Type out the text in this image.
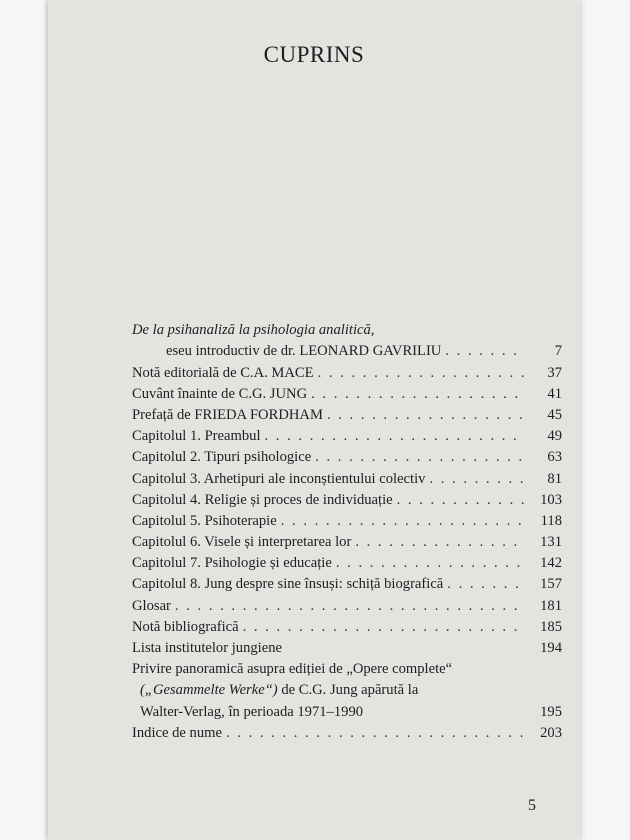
CUPRINS
De la psihanaliză la psihologia analitică,
eseu introductiv de dr. LEONARD GAVRILIU . . .	7
Notă editorială de C.A. MACE . . .	37
Cuvânt înainte de C.G. JUNG . . .	41
Prefață de FRIEDA FORDHAM . . .	45
Capitolul 1. Preambul . . .	49
Capitolul 2. Tipuri psihologice . . .	63
Capitolul 3. Arhetipuri ale inconștientului colectiv . . .	81
Capitolul 4. Religie și proces de individuație . . .	103
Capitolul 5. Psihoterapie . . .	118
Capitolul 6. Visele și interpretarea lor . . .	131
Capitolul 7. Psihologie și educație . . .	142
Capitolul 8. Jung despre sine însuși: schiță biografică . . .	157
Glosar . . .	181
Notă bibliografică . . .	185
Lista institutelor jungiene	194
Privire panoramică asupra ediției de „Opere complete“
(„Gesammelte Werke“) de C.G. Jung apărută la
Walter-Verlag, în perioada 1971–1990	195
Indice de nume . . .	203
5
